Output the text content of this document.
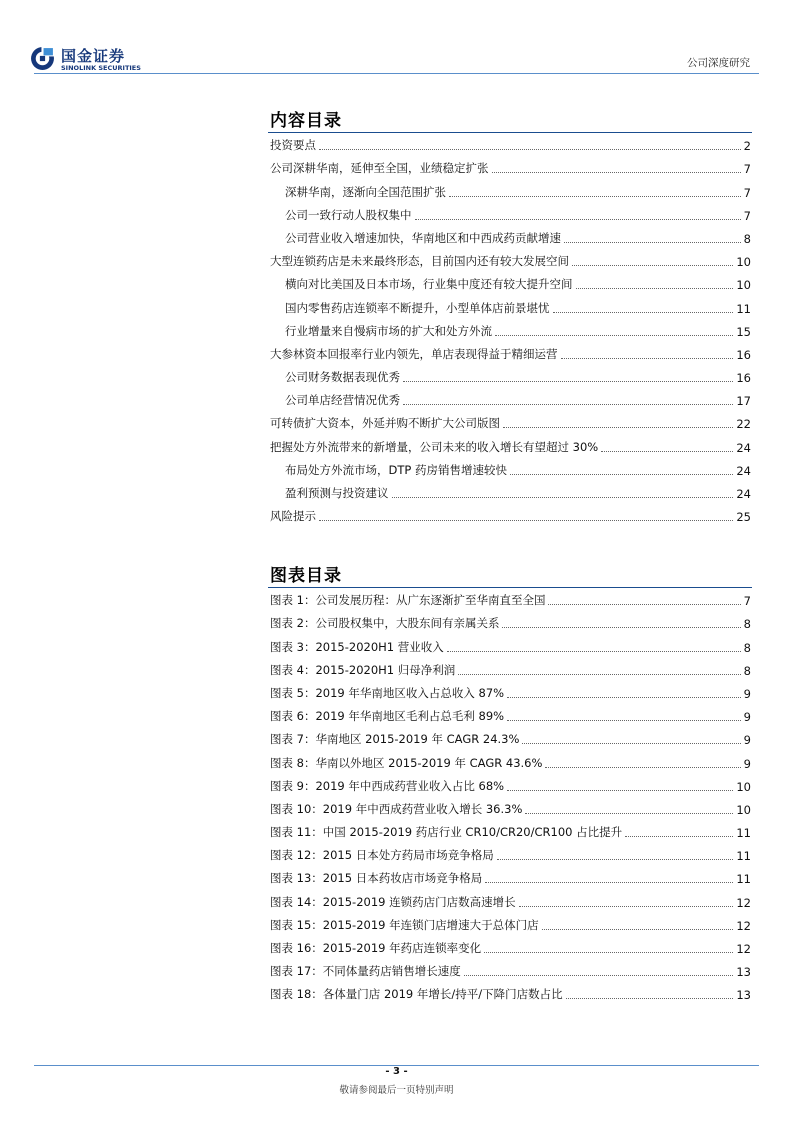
国金证券
SINOLINK SECURITIES	公司深度研究
内容目录
投资要点	2
公司深耕华南，延伸至全国，业绩稳定扩张	7
深耕华南，逐渐向全国范围扩张	7
公司一致行动人股权集中	7
公司营业收入增速加快，华南地区和中西成药贡献增速	8
大型连锁药店是未来最终形态，目前国内还有较大发展空间	10
横向对比美国及日本市场，行业集中度还有较大提升空间	10
国内零售药店连锁率不断提升，小型单体店前景堪忧	11
行业增量来自慢病市场的扩大和处方外流	15
大参林资本回报率行业内领先，单店表现得益于精细运营	16
公司财务数据表现优秀	16
公司单店经营情况优秀	17
可转债扩大资本，外延并购不断扩大公司版图	22
把握处方外流带来的新增量，公司未来的收入增长有望超过 30%	24
布局处方外流市场，DTP 药房销售增速较快	24
盈利预测与投资建议	24
风险提示	25
图表目录
图表 1：公司发展历程：从广东逐渐扩至华南直至全国	7
图表 2：公司股权集中，大股东间有亲属关系	8
图表 3：2015-2020H1 营业收入	8
图表 4：2015-2020H1 归母净利润	8
图表 5：2019 年华南地区收入占总收入 87%	9
图表 6：2019 年华南地区毛利占总毛利 89%	9
图表 7：华南地区 2015-2019 年 CAGR 24.3%	9
图表 8：华南以外地区 2015-2019 年 CAGR 43.6%	9
图表 9：2019 年中西成药营业收入占比 68%	10
图表 10：2019 年中西成药营业收入增长 36.3%	10
图表 11：中国 2015-2019 药店行业 CR10/CR20/CR100 占比提升	11
图表 12：2015 日本处方药局市场竞争格局	11
图表 13：2015 日本药妆店市场竞争格局	11
图表 14：2015-2019 连锁药店门店数高速增长	12
图表 15：2015-2019 年连锁门店增速大于总体门店	12
图表 16：2015-2019 年药店连锁率变化	12
图表 17：不同体量药店销售增长速度	13
图表 18：各体量门店 2019 年增长/持平/下降门店数占比	13
- 3 -
敬请参阅最后一页特别声明
